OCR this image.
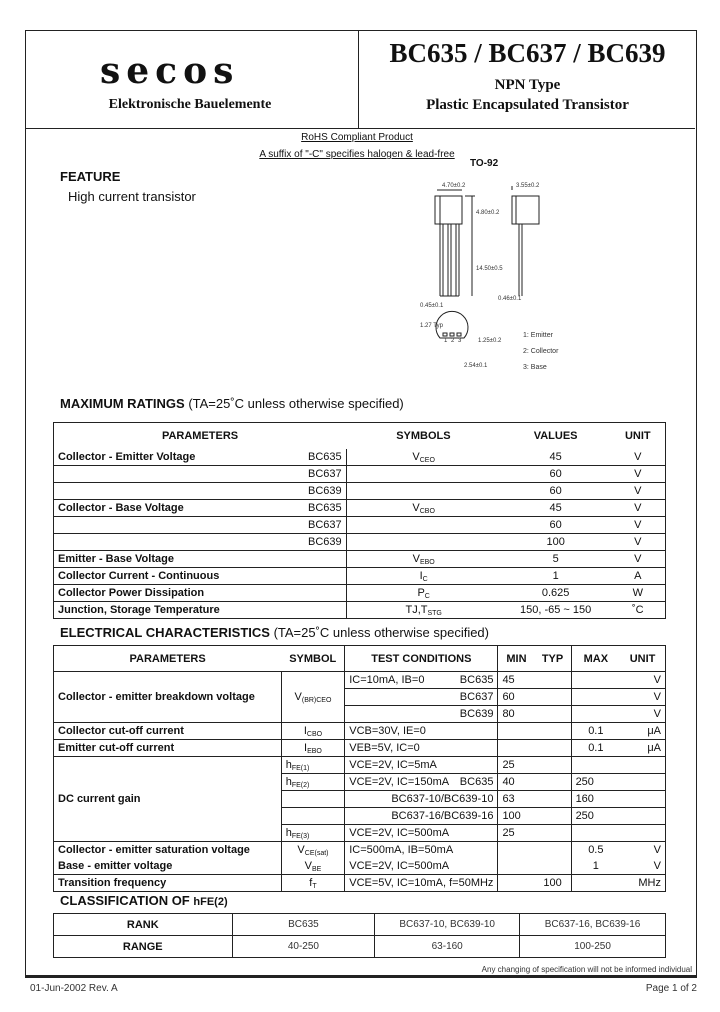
secos
Elektronische Bauelemente
BC635 / BC637 / BC639
NPN Type
Plastic Encapsulated Transistor
RoHS Compliant Product
A suffix of "-C" specifies halogen & lead-free
FEATURE
High current transistor
TO-92
4.70±0.2	3.55±0.2
4.80±0.2
14.50±0.5
0.45±0.1
0.46±0.1
1.27 Typ
1.25±0.2
2.54±0.1
1 2 3
1: Emitter
2: Collector
3: Base
MAXIMUM RATINGS (TA=25˚C unless otherwise specified)
PARAMETERS		SYMBOLS	VALUES	UNIT
Collector - Emitter Voltage	BC635	$V_{CEO}$	45	V
	BC637		60	V
	BC639		60	V
Collector - Base Voltage	BC635	$V_{CBO}$	45	V
	BC637		60	V
	BC639		100	V
Emitter - Base Voltage		$V_{EBO}$	5	V
Collector Current - Continuous		$I_C$	1	A
Collector Power Dissipation		$P_C$	0.625	W
Junction, Storage Temperature		$TJ,T_{STG}$	150, -65 ~ 150	˚C
ELECTRICAL CHARACTERISTICS (TA=25˚C unless otherwise specified)
PARAMETERS	SYMBOL	TEST CONDITIONS	MIN	TYP	MAX	UNIT
Collector - emitter breakdown voltage	$V_{(BR)CEO}$	IC=10mA, IB=0 BC635	45			V
		BC637	60			V
		BC639	80			V
Collector cut-off current	$I_{CBO}$	VCB=30V, IE=0			0.1	μA
Emitter cut-off current	$I_{EBO}$	VEB=5V, IC=0			0.1	μA
DC current gain	$h_{FE(1)}$	VCE=2V, IC=5mA	25			
	$h_{FE(2)}$	VCE=2V, IC=150mA BC635	40		250	
		BC637-10/BC639-10	63		160	
		BC637-16/BC639-16	100		250	
	$h_{FE(3)}$	VCE=2V, IC=500mA	25			
Collector - emitter saturation voltage	$V_{CE(sat)}$	IC=500mA, IB=50mA			0.5	V
Base - emitter voltage	$V_{BE}$	VCE=2V, IC=500mA			1	V
Transition frequency	$f_T$	VCE=5V, IC=10mA, f=50MHz		100		MHz
CLASSIFICATION OF hFE(2)
RANK	BC635	BC637-10, BC639-10	BC637-16, BC639-16
RANGE	40-250	63-160	100-250
Any changing of specification will not be informed individual
01-Jun-2002 Rev. A	Page 1 of 2
